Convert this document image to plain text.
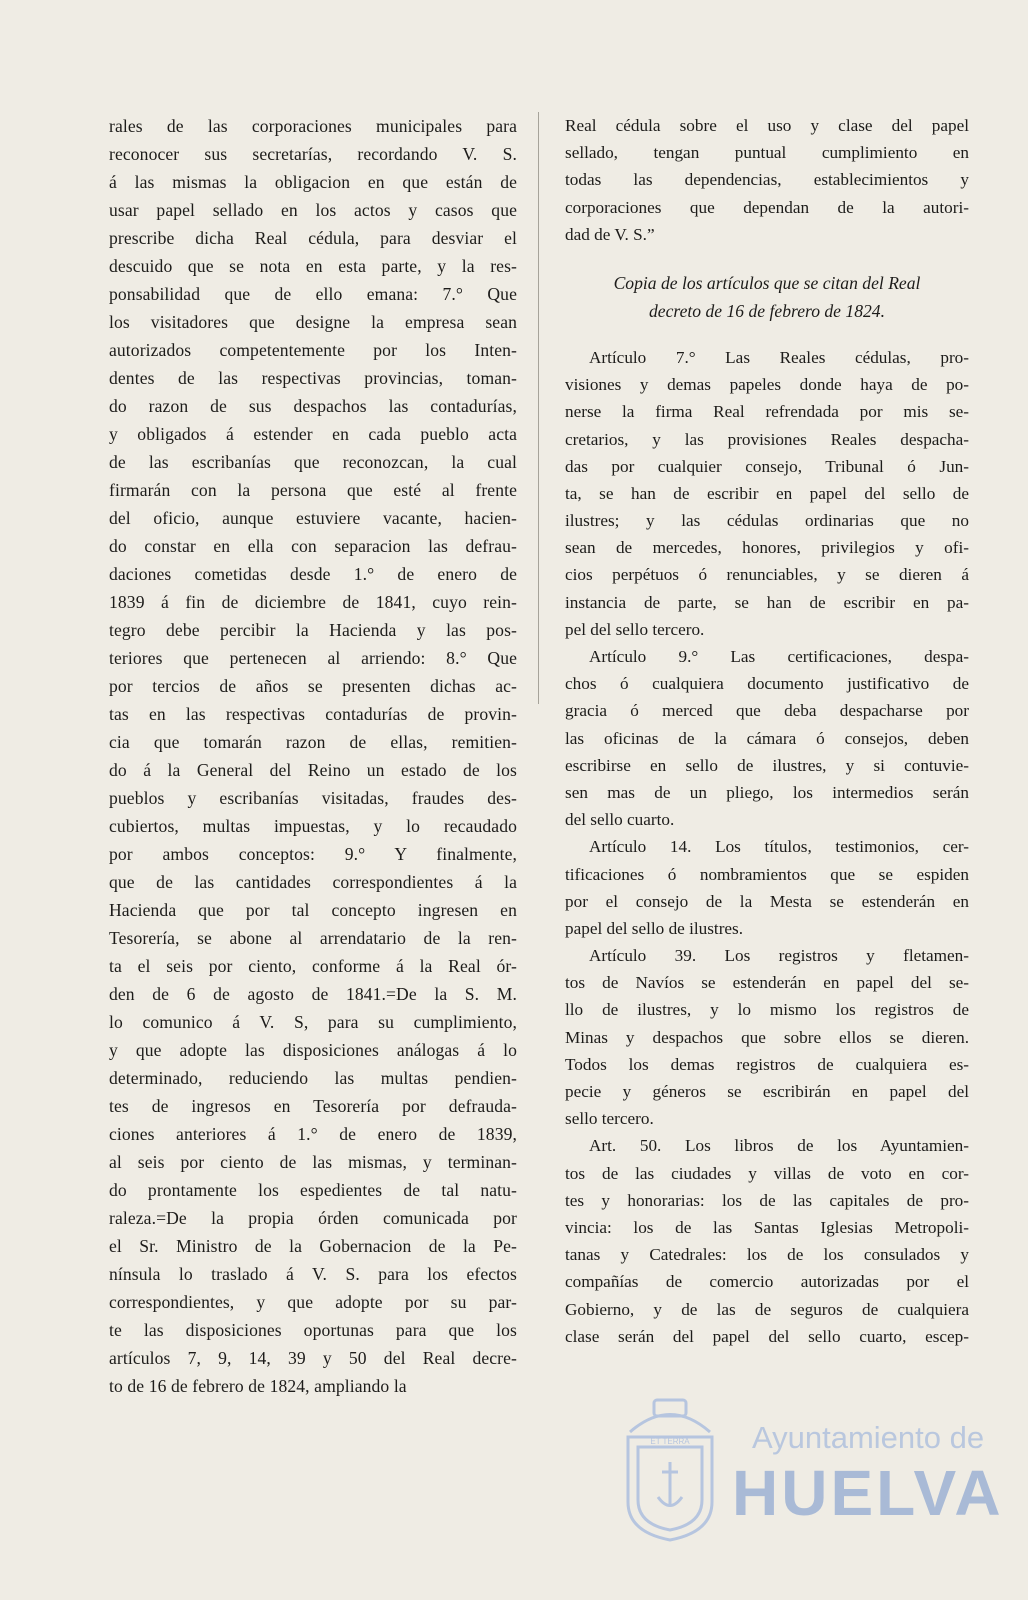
rales de las corporaciones municipales para
reconocer sus secretarías, recordando V. S.
á las mismas la obligacion en que están de
usar papel sellado en los actos y casos que
prescribe dicha Real cédula, para desviar el
descuido que se nota en esta parte, y la res-
ponsabilidad que de ello emana: 7.° Que
los visitadores que designe la empresa sean
autorizados competentemente por los Inten-
dentes de las respectivas provincias, toman-
do razon de sus despachos las contadurías,
y obligados á estender en cada pueblo acta
de las escribanías que reconozcan, la cual
firmarán con la persona que esté al frente
del oficio, aunque estuviere vacante, hacien-
do constar en ella con separacion las defrau-
daciones cometidas desde 1.° de enero de
1839 á fin de diciembre de 1841, cuyo rein-
tegro debe percibir la Hacienda y las pos-
teriores que pertenecen al arriendo: 8.° Que
por tercios de años se presenten dichas ac-
tas en las respectivas contadurías de provin-
cia que tomarán razon de ellas, remitien-
do á la General del Reino un estado de los
pueblos y escribanías visitadas, fraudes des-
cubiertos, multas impuestas, y lo recaudado
por ambos conceptos: 9.° Y finalmente,
que de las cantidades correspondientes á la
Hacienda que por tal concepto ingresen en
Tesorería, se abone al arrendatario de la ren-
ta el seis por ciento, conforme á la Real ór-
den de 6 de agosto de 1841.=De la S. M.
lo comunico á V. S, para su cumplimiento,
y que adopte las disposiciones análogas á lo
determinado, reduciendo las multas pendien-
tes de ingresos en Tesorería por defrauda-
ciones anteriores á 1.° de enero de 1839,
al seis por ciento de las mismas, y terminan-
do prontamente los espedientes de tal natu-
raleza.=De la propia órden comunicada por
el Sr. Ministro de la Gobernacion de la Pe-
nínsula lo traslado á V. S. para los efectos
correspondientes, y que adopte por su par-
te las disposiciones oportunas para que los
artículos 7, 9, 14, 39 y 50 del Real decre-
to de 16 de febrero de 1824, ampliando la
Real cédula sobre el uso y clase del papel
sellado, tengan puntual cumplimiento en
todas las dependencias, establecimientos y
corporaciones que dependan de la autori-
dad de V. S.”
Copia de los artículos que se citan del Real
decreto de 16 de febrero de 1824.
Artículo 7.° Las Reales cédulas, pro-
visiones y demas papeles donde haya de po-
nerse la firma Real refrendada por mis se-
cretarios, y las provisiones Reales despacha-
das por cualquier consejo, Tribunal ó Jun-
ta, se han de escribir en papel del sello de
ilustres; y las cédulas ordinarias que no
sean de mercedes, honores, privilegios y ofi-
cios perpétuos ó renunciables, y se dieren á
instancia de parte, se han de escribir en pa-
pel del sello tercero.
Artículo 9.° Las certificaciones, despa-
chos ó cualquiera documento justificativo de
gracia ó merced que deba despacharse por
las oficinas de la cámara ó consejos, deben
escribirse en sello de ilustres, y si contuvie-
sen mas de un pliego, los intermedios serán
del sello cuarto.
Artículo 14. Los títulos, testimonios, cer-
tificaciones ó nombramientos que se espiden
por el consejo de la Mesta se estenderán en
papel del sello de ilustres.
Artículo 39. Los registros y fletamen-
tos de Navíos se estenderán en papel del se-
llo de ilustres, y lo mismo los registros de
Minas y despachos que sobre ellos se dieren.
Todos los demas registros de cualquiera es-
pecie y géneros se escribirán en papel del
sello tercero.
Art. 50. Los libros de los Ayuntamien-
tos de las ciudades y villas de voto en cor-
tes y honorarias: los de las capitales de pro-
vincia: los de las Santas Iglesias Metropoli-
tanas y Catedrales: los de los consulados y
compañías de comercio autorizadas por el
Gobierno, y de las de seguros de cualquiera
clase serán del papel del sello cuarto, escep-
ET TERRA Ayuntamiento de
HUELVA
